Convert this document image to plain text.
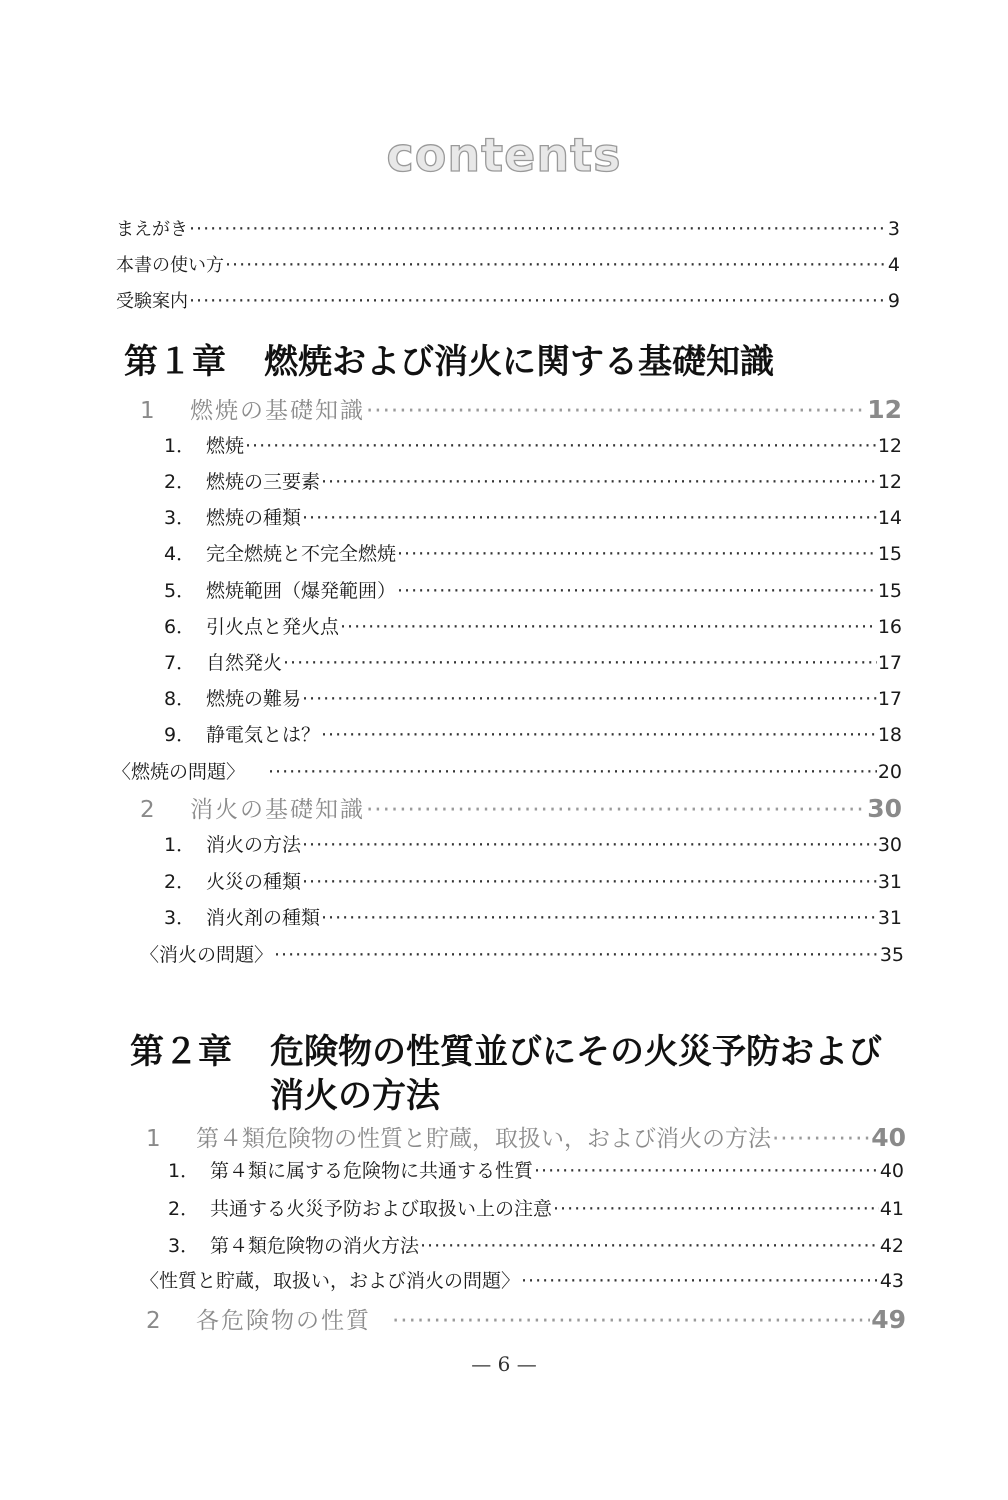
contents
まえがき ·····	3
本書の使い方 ·····	4
受験案内 ·····	9
第１章 燃焼および消火に関する基礎知識
1	燃焼の基礎知識 ·····	12
1． 燃焼 ·····	12
2． 燃焼の三要素 ·····	12
3． 燃焼の種類 ·····	14
4． 完全燃焼と不完全燃焼 ·····	15
5． 燃焼範囲（爆発範囲） ·····	15
6． 引火点と発火点 ·····	16
7． 自然発火 ·····	17
8． 燃焼の難易 ·····	17
9． 静電気とは？ ·····	18
〈燃焼の問題〉 ·····	20
2	消火の基礎知識 ·····	30
1． 消火の方法 ·····	30
2． 火災の種類 ·····	31
3． 消火剤の種類 ·····	31
〈消火の問題〉 ·····	35
第２章 危険物の性質並びにその火災予防および
消火の方法
1	第４類危険物の性質と貯蔵，取扱い，および消火の方法 ·····	40
1． 第４類に属する危険物に共通する性質 ·····	40
2． 共通する火災予防および取扱い上の注意 ·····	41
3． 第４類危険物の消火方法 ·····	42
〈性質と貯蔵，取扱い，および消火の問題〉 ·····	43
2	各危険物の性質 ·····	49
— 6 —
